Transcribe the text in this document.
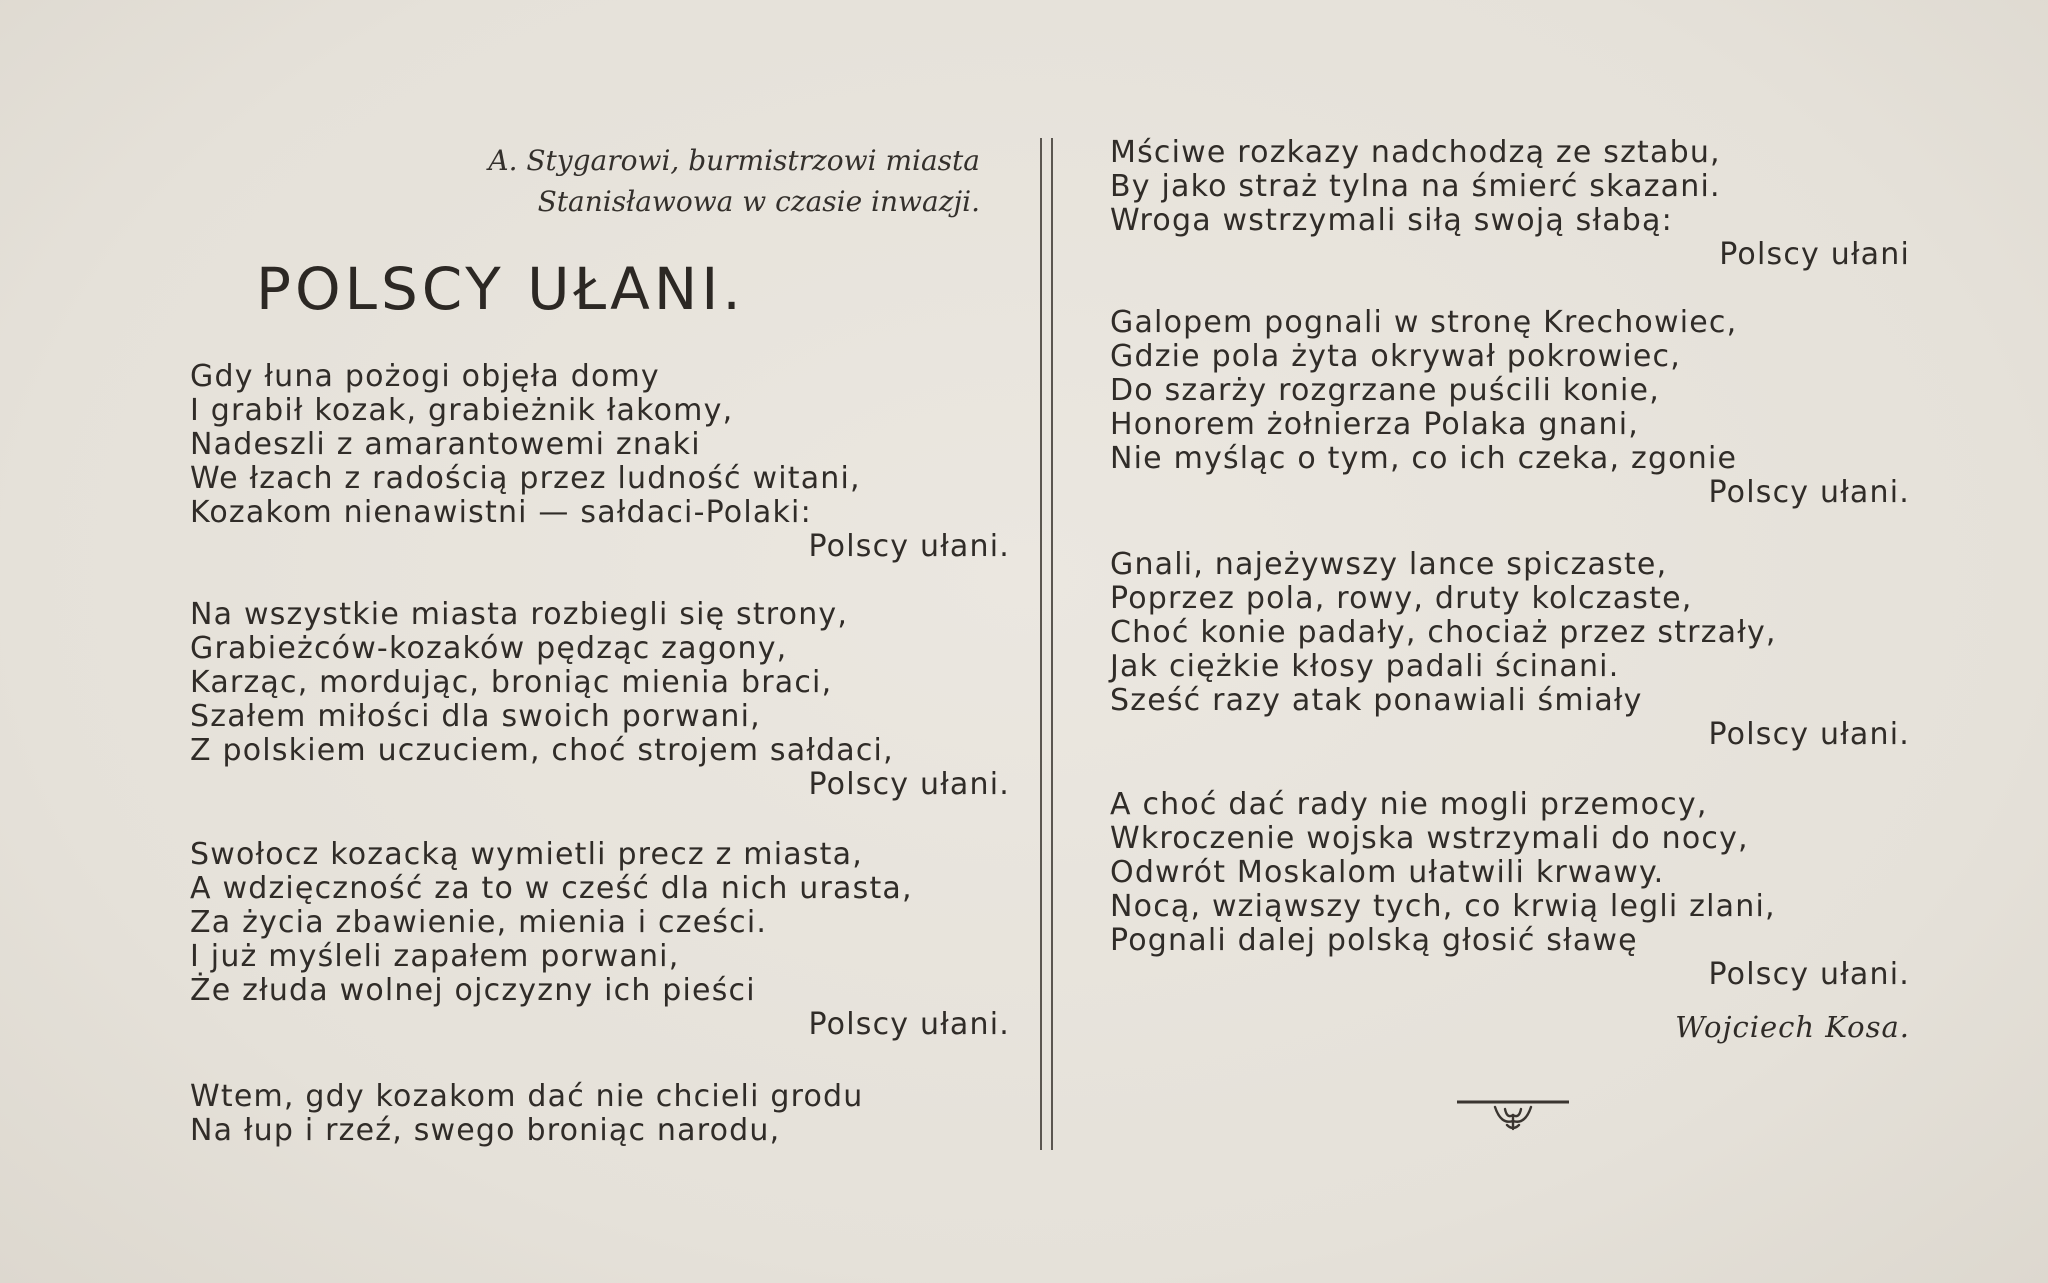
A. Stygarowi, burmistrzowi miasta
Stanisławowa w czasie inwazji.
POLSCY UŁANI.
Gdy łuna pożogi objęła domy
I grabił kozak, grabieżnik łakomy,
Nadeszli z amarantowemi znaki
We łzach z radością przez ludność witani,
Kozakom nienawistni — sałdaci-Polaki:
Polscy ułani.
Na wszystkie miasta rozbiegli się strony,
Grabieżców-kozaków pędząc zagony,
Karząc, mordując, broniąc mienia braci,
Szałem miłości dla swoich porwani,
Z polskiem uczuciem, choć strojem sałdaci,
Polscy ułani.
Swołocz kozacką wymietli precz z miasta,
A wdzięczność za to w cześć dla nich urasta,
Za życia zbawienie, mienia i cześci.
I już myśleli zapałem porwani,
Że złuda wolnej ojczyzny ich pieści
Polscy ułani.
Wtem, gdy kozakom dać nie chcieli grodu
Na łup i rzeź, swego broniąc narodu,
Mściwe rozkazy nadchodzą ze sztabu,
By jako straż tylna na śmierć skazani.
Wroga wstrzymali siłą swoją słabą:
Polscy ułani
Galopem pognali w stronę Krechowiec,
Gdzie pola żyta okrywał pokrowiec,
Do szarży rozgrzane puścili konie,
Honorem żołnierza Polaka gnani,
Nie myśląc o tym, co ich czeka, zgonie
Polscy ułani.
Gnali, najeżywszy lance spiczaste,
Poprzez pola, rowy, druty kolczaste,
Choć konie padały, chociaż przez strzały,
Jak ciężkie kłosy padali ścinani.
Sześć razy atak ponawiali śmiały
Polscy ułani.
A choć dać rady nie mogli przemocy,
Wkroczenie wojska wstrzymali do nocy,
Odwrót Moskalom ułatwili krwawy.
Nocą, wziąwszy tych, co krwią legli zlani,
Pognali dalej polską głosić sławę
Polscy ułani.
Wojciech Kosa.
